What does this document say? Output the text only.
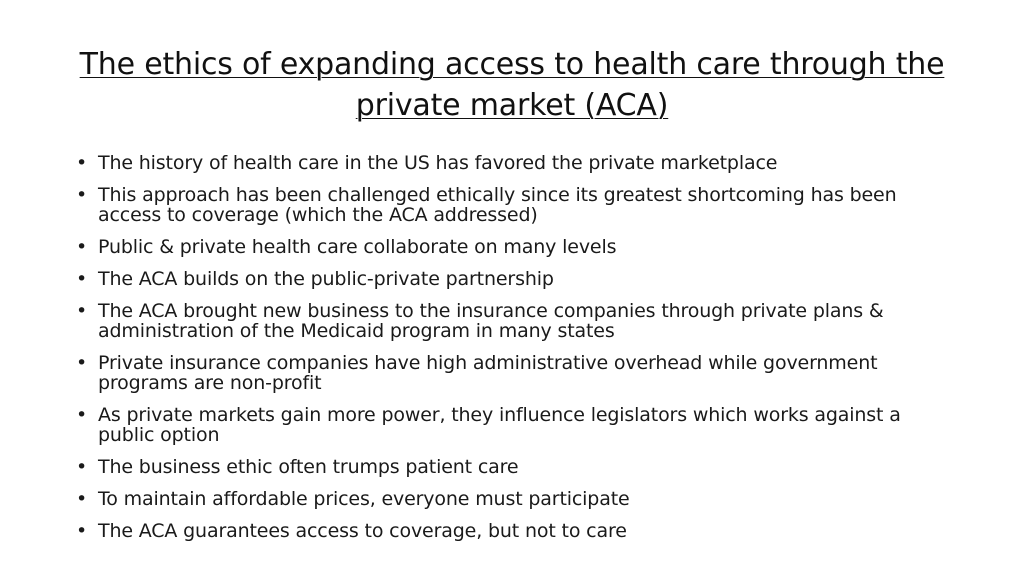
The ethics of expanding access to health care through the private market (ACA)
• The history of health care in the US has favored the private marketplace
• This approach has been challenged ethically since its greatest shortcoming has been access to coverage (which the ACA addressed)
• Public & private health care collaborate on many levels
• The ACA builds on the public-private partnership
• The ACA brought new business to the insurance companies through private plans & administration of the Medicaid program in many states
• Private insurance companies have high administrative overhead while government programs are non-profit
• As private markets gain more power, they influence legislators which works against a public option
• The business ethic often trumps patient care
• To maintain affordable prices, everyone must participate
• The ACA guarantees access to coverage, but not to care
